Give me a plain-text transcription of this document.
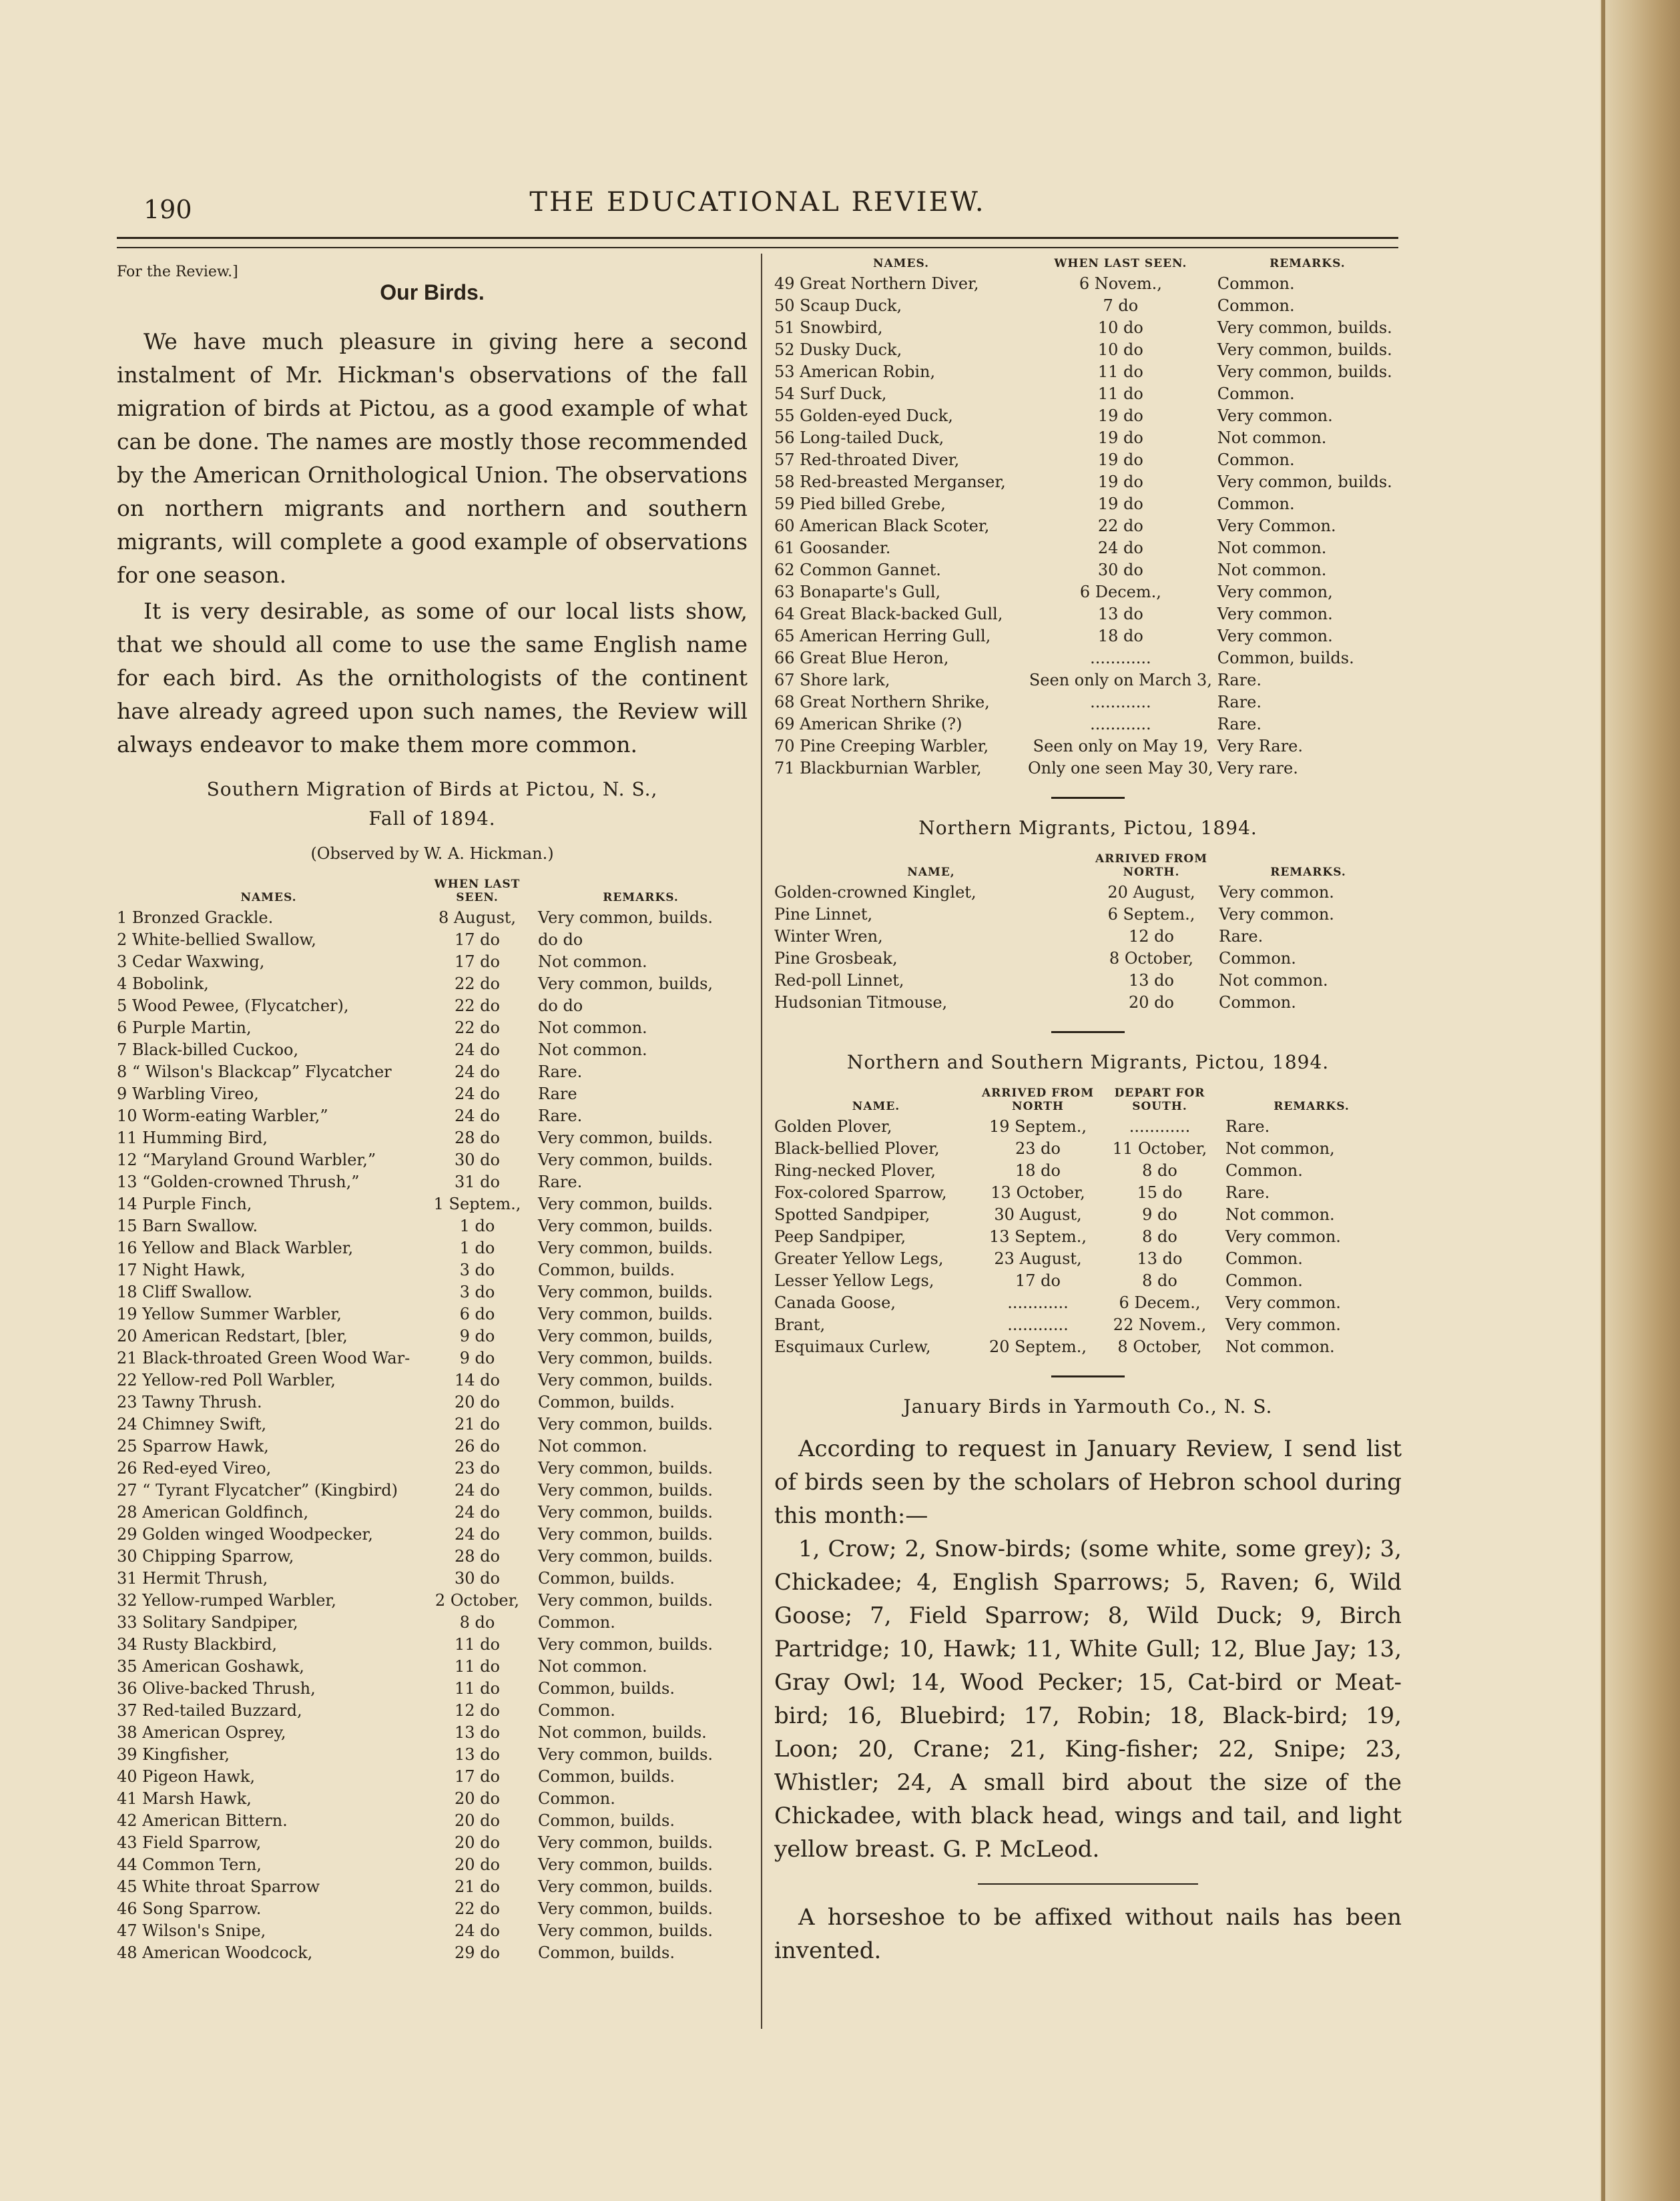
190	THE EDUCATIONAL REVIEW.
For the Review.]
Our Birds.

We have much pleasure in giving here a second instalment of Mr. Hickman's observations of the fall migration of birds at Pictou, as a good example of what can be done. The names are mostly those recommended by the American Ornithological Union. The observations on northern migrants and northern and southern migrants, will complete a good example of observations for one season.

It is very desirable, as some of our local lists show, that we should all come to use the same English name for each bird. As the ornithologists of the continent have already agreed upon such names, the Review will always endeavor to make them more common.

Southern Migration of Birds at Pictou, N. S.,
Fall of 1894.
(Observed by W. A. Hickman.)
NAMES.	WHEN LAST SEEN.	REMARKS.
1 Bronzed Grackle.	8 August,	Very common, builds.
2 White-bellied Swallow,	17 do	do do
3 Cedar Waxwing,	17 do	Not common.
4 Bobolink,	22 do	Very common, builds,
5 Wood Pewee, (Flycatcher),	22 do	do do
6 Purple Martin,	22 do	Not common.
7 Black-billed Cuckoo,	24 do	Not common.
8 “ Wilson's Blackcap” Flycatcher	24 do	Rare.
9 Warbling Vireo,	24 do	Rare
10 Worm-eating Warbler,”	24 do	Rare.
11 Humming Bird,	28 do	Very common, builds.
12 “Maryland Ground Warbler,”	30 do	Very common, builds.
13 “Golden-crowned Thrush,”	31 do	Rare.
14 Purple Finch,	1 Septem.,	Very common, builds.
15 Barn Swallow.	1 do	Very common, builds.
16 Yellow and Black Warbler,	1 do	Very common, builds.
17 Night Hawk,	3 do	Common, builds.
18 Cliff Swallow.	3 do	Very common, builds.
19 Yellow Summer Warbler,	6 do	Very common, builds.
20 American Redstart, [bler,	9 do	Very common, builds,
21 Black-throated Green Wood War-	9 do	Very common, builds.
22 Yellow-red Poll Warbler,	14 do	Very common, builds.
23 Tawny Thrush.	20 do	Common, builds.
24 Chimney Swift,	21 do	Very common, builds.
25 Sparrow Hawk,	26 do	Not common.
26 Red-eyed Vireo,	23 do	Very common, builds.
27 “ Tyrant Flycatcher” (Kingbird)	24 do	Very common, builds.
28 American Goldfinch,	24 do	Very common, builds.
29 Golden winged Woodpecker,	24 do	Very common, builds.
30 Chipping Sparrow,	28 do	Very common, builds.
31 Hermit Thrush,	30 do	Common, builds.
32 Yellow-rumped Warbler,	2 October,	Very common, builds.
33 Solitary Sandpiper,	8 do	Common.
34 Rusty Blackbird,	11 do	Very common, builds.
35 American Goshawk,	11 do	Not common.
36 Olive-backed Thrush,	11 do	Common, builds.
37 Red-tailed Buzzard,	12 do	Common.
38 American Osprey,	13 do	Not common, builds.
39 Kingfisher,	13 do	Very common, builds.
40 Pigeon Hawk,	17 do	Common, builds.
41 Marsh Hawk,	20 do	Common.
42 American Bittern.	20 do	Common, builds.
43 Field Sparrow,	20 do	Very common, builds.
44 Common Tern,	20 do	Very common, builds.
45 White throat Sparrow	21 do	Very common, builds.
46 Song Sparrow.	22 do	Very common, builds.
47 Wilson's Snipe,	24 do	Very common, builds.
48 American Woodcock,	29 do	Common, builds.
NAMES.	WHEN LAST SEEN.	REMARKS.
49 Great Northern Diver,	6 Novem.,	Common.
50 Scaup Duck,	7 do	Common.
51 Snowbird,	10 do	Very common, builds.
52 Dusky Duck,	10 do	Very common, builds.
53 American Robin,	11 do	Very common, builds.
54 Surf Duck,	11 do	Common.
55 Golden-eyed Duck,	19 do	Very common.
56 Long-tailed Duck,	19 do	Not common.
57 Red-throated Diver,	19 do	Common.
58 Red-breasted Merganser,	19 do	Very common, builds.
59 Pied billed Grebe,	19 do	Common.
60 American Black Scoter,	22 do	Very Common.
61 Goosander.	24 do	Not common.
62 Common Gannet.	30 do	Not common.
63 Bonaparte's Gull,	6 Decem.,	Very common,
64 Great Black-backed Gull,	13 do	Very common.
65 American Herring Gull,	18 do	Very common.
66 Great Blue Heron,	............	Common, builds.
67 Shore lark,	Seen only on March 3,	Rare.
68 Great Northern Shrike,	............	Rare.
69 American Shrike (?)	............	Rare.
70 Pine Creeping Warbler,	Seen only on May 19,	Very Rare.
71 Blackburnian Warbler,	Only one seen May 30,	Very rare.
Northern Migrants, Pictou, 1894.
NAME,	ARRIVED FROM NORTH.	REMARKS.
Golden-crowned Kinglet,	20 August,	Very common.
Pine Linnet,	6 Septem.,	Very common.
Winter Wren,	12 do	Rare.
Pine Grosbeak,	8 October,	Common.
Red-poll Linnet,	13 do	Not common.
Hudsonian Titmouse,	20 do	Common.
Northern and Southern Migrants, Pictou, 1894.
NAME.	ARRIVED FROM NORTH	DEPART FOR SOUTH.	REMARKS.
Golden Plover,	19 Septem.,	............	Rare.
Black-bellied Plover,	23 do	11 October,	Not common,
Ring-necked Plover,	18 do	8 do	Common.
Fox-colored Sparrow,	13 October,	15 do	Rare.
Spotted Sandpiper,	30 August,	9 do	Not common.
Peep Sandpiper,	13 Septem.,	8 do	Very common.
Greater Yellow Legs,	23 August,	13 do	Common.
Lesser Yellow Legs,	17 do	8 do	Common.
Canada Goose,	............	6 Decem.,	Very common.
Brant,	............	22 Novem.,	Very common.
Esquimaux Curlew,	20 Septem.,	8 October,	Not common.
January Birds in Yarmouth Co., N. S.

According to request in January Review, I send list of birds seen by the scholars of Hebron school during this month:—

1, Crow; 2, Snow-birds; (some white, some grey); 3, Chickadee; 4, English Sparrows; 5, Raven; 6, Wild Goose; 7, Field Sparrow; 8, Wild Duck; 9, Birch Partridge; 10, Hawk; 11, White Gull; 12, Blue Jay; 13, Gray Owl; 14, Wood Pecker; 15, Cat-bird or Meat-bird; 16, Bluebird; 17, Robin; 18, Black-bird; 19, Loon; 20, Crane; 21, King-fisher; 22, Snipe; 23, Whistler; 24, A small bird about the size of the Chickadee, with black head, wings and tail, and light yellow breast. G. P. McLeod.

A horseshoe to be affixed without nails has been invented.
